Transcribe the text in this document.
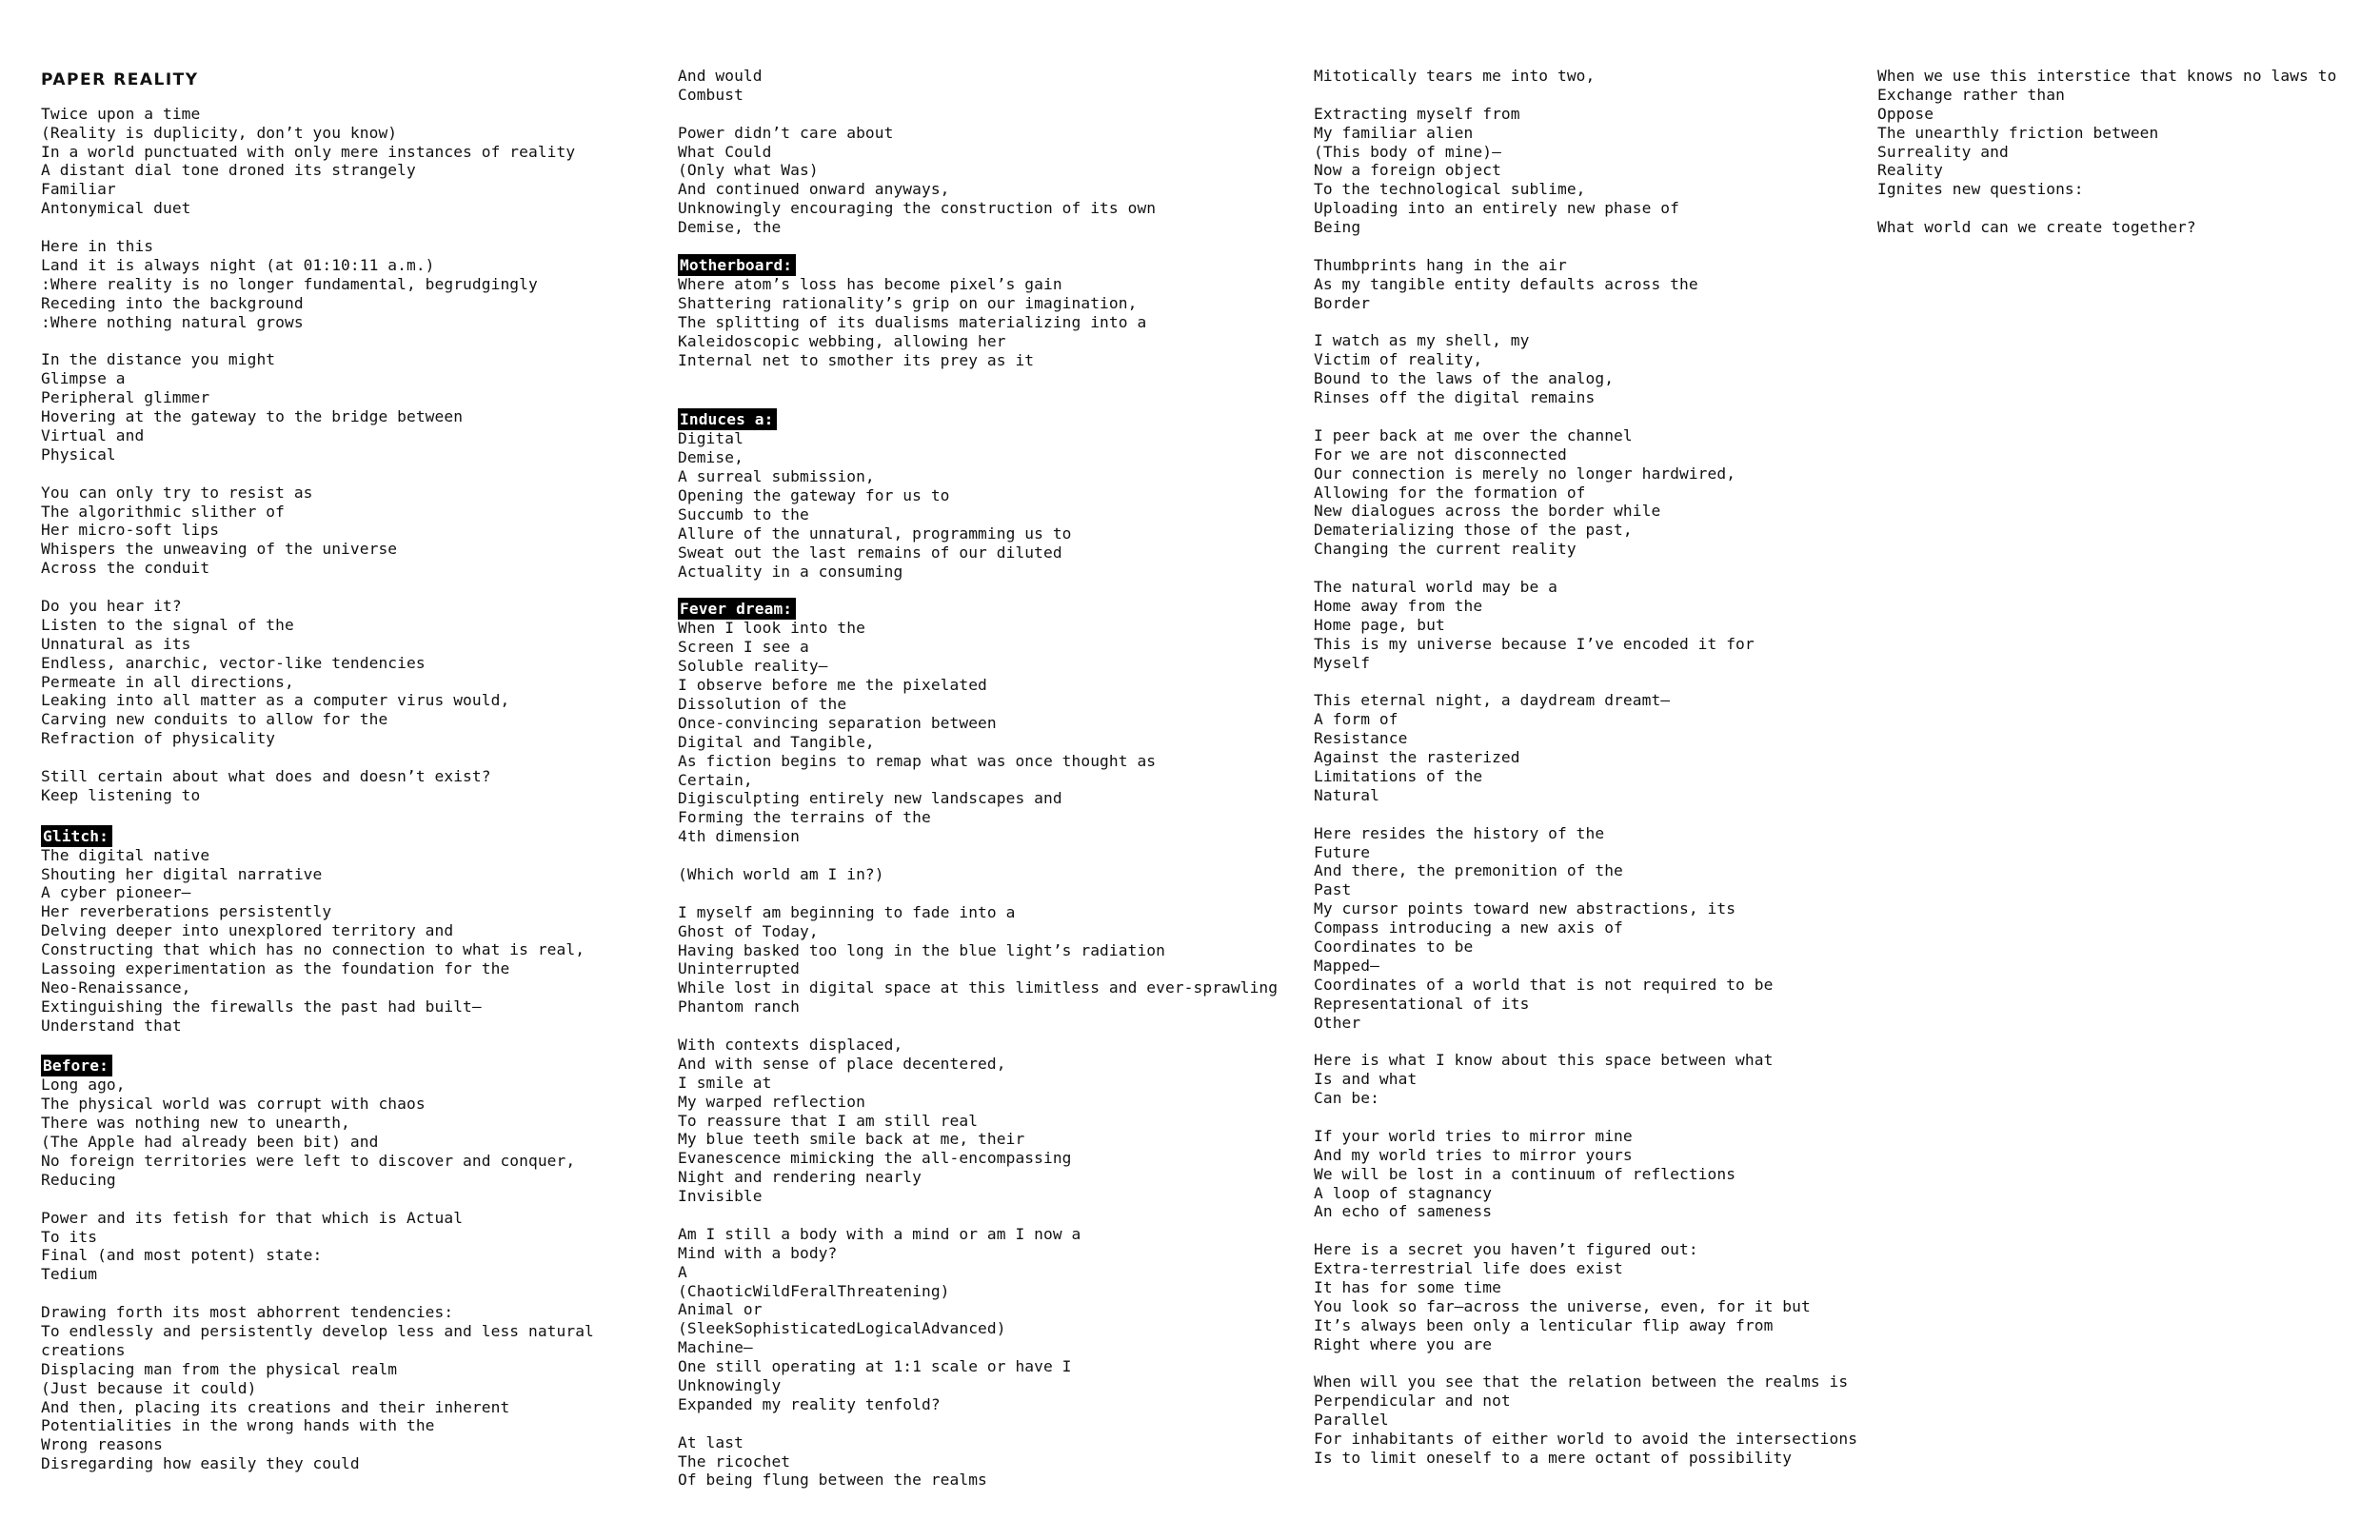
PAPER REALITY
Twice upon a time
(Reality is duplicity, don’t you know)
In a world punctuated with only mere instances of reality
A distant dial tone droned its strangely
Familiar
Antonymical duet
Here in this
Land it is always night (at 01:10:11 a.m.)
:Where reality is no longer fundamental, begrudgingly
Receding into the background
:Where nothing natural grows
In the distance you might
Glimpse a
Peripheral glimmer
Hovering at the gateway to the bridge between
Virtual and
Physical
You can only try to resist as
The algorithmic slither of
Her micro-soft lips
Whispers the unweaving of the universe
Across the conduit
Do you hear it?
Listen to the signal of the
Unnatural as its
Endless, anarchic, vector-like tendencies
Permeate in all directions,
Leaking into all matter as a computer virus would,
Carving new conduits to allow for the
Refraction of physicality
Still certain about what does and doesn’t exist?
Keep listening to
Glitch:
The digital native
Shouting her digital narrative
A cyber pioneer—
Her reverberations persistently
Delving deeper into unexplored territory and
Constructing that which has no connection to what is real,
Lassoing experimentation as the foundation for the
Neo-Renaissance,
Extinguishing the firewalls the past had built—
Understand that
Before:
Long ago,
The physical world was corrupt with chaos
There was nothing new to unearth,
(The Apple had already been bit) and
No foreign territories were left to discover and conquer,
Reducing
Power and its fetish for that which is Actual
To its
Final (and most potent) state:
Tedium
Drawing forth its most abhorrent tendencies:
To endlessly and persistently develop less and less natural
creations
Displacing man from the physical realm
(Just because it could)
And then, placing its creations and their inherent
Potentialities in the wrong hands with the
Wrong reasons
Disregarding how easily they could
And would
Combust
Power didn’t care about
What Could
(Only what Was)
And continued onward anyways,
Unknowingly encouraging the construction of its own
Demise, the
Motherboard:
Where atom’s loss has become pixel’s gain
Shattering rationality’s grip on our imagination,
The splitting of its dualisms materializing into a
Kaleidoscopic webbing, allowing her
Internal net to smother its prey as it
Induces a:
Digital
Demise,
A surreal submission,
Opening the gateway for us to
Succumb to the
Allure of the unnatural, programming us to
Sweat out the last remains of our diluted
Actuality in a consuming
Fever dream:
When I look into the
Screen I see a
Soluble reality—
I observe before me the pixelated
Dissolution of the
Once-convincing separation between
Digital and Tangible,
As fiction begins to remap what was once thought as
Certain,
Digisculpting entirely new landscapes and
Forming the terrains of the
4th dimension
(Which world am I in?)
I myself am beginning to fade into a
Ghost of Today,
Having basked too long in the blue light’s radiation
Uninterrupted
While lost in digital space at this limitless and ever-sprawling
Phantom ranch
With contexts displaced,
And with sense of place decentered,
I smile at
My warped reflection
To reassure that I am still real
My blue teeth smile back at me, their
Evanescence mimicking the all-encompassing
Night and rendering nearly
Invisible
Am I still a body with a mind or am I now a
Mind with a body?
A
(ChaoticWildFeralThreatening)
Animal or
(SleekSophisticatedLogicalAdvanced)
Machine—
One still operating at 1:1 scale or have I
Unknowingly
Expanded my reality tenfold?
At last
The ricochet
Of being flung between the realms
Mitotically tears me into two,
Extracting myself from
My familiar alien
(This body of mine)—
Now a foreign object
To the technological sublime,
Uploading into an entirely new phase of
Being
Thumbprints hang in the air
As my tangible entity defaults across the
Border
I watch as my shell, my
Victim of reality,
Bound to the laws of the analog,
Rinses off the digital remains
I peer back at me over the channel
For we are not disconnected
Our connection is merely no longer hardwired,
Allowing for the formation of
New dialogues across the border while
Dematerializing those of the past,
Changing the current reality
The natural world may be a
Home away from the
Home page, but
This is my universe because I’ve encoded it for
Myself
This eternal night, a daydream dreamt—
A form of
Resistance
Against the rasterized
Limitations of the
Natural
Here resides the history of the
Future
And there, the premonition of the
Past
My cursor points toward new abstractions, its
Compass introducing a new axis of
Coordinates to be
Mapped—
Coordinates of a world that is not required to be
Representational of its
Other
Here is what I know about this space between what
Is and what
Can be:
If your world tries to mirror mine
And my world tries to mirror yours
We will be lost in a continuum of reflections
A loop of stagnancy
An echo of sameness
Here is a secret you haven’t figured out:
Extra-terrestrial life does exist
It has for some time
You look so far—across the universe, even, for it but
It’s always been only a lenticular flip away from
Right where you are
When will you see that the relation between the realms is
Perpendicular and not
Parallel
For inhabitants of either world to avoid the intersections
Is to limit oneself to a mere octant of possibility
When we use this interstice that knows no laws to
Exchange rather than
Oppose
The unearthly friction between
Surreality and
Reality
Ignites new questions:
What world can we create together?
